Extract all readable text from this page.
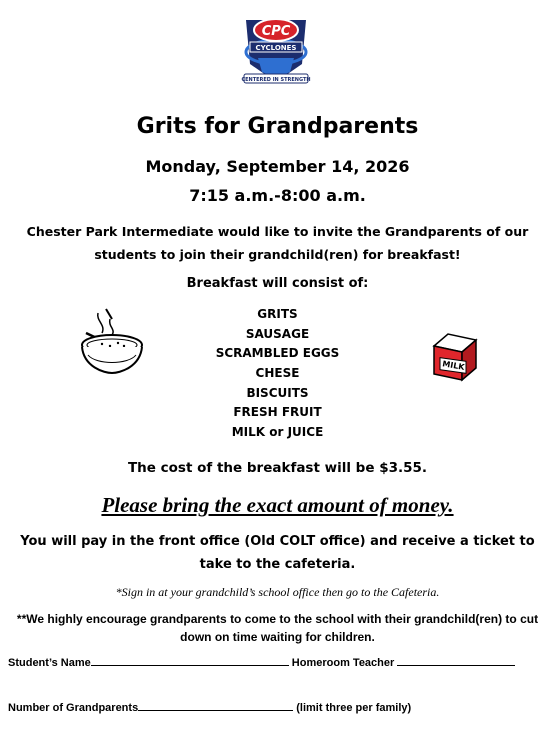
CPC
CYCLONES
CENTERED IN STRENGTH
Grits for Grandparents
Monday, September 14, 2026
7:15 a.m.-8:00 a.m.
Chester Park Intermediate would like to invite the Grandparents of our students to join their grandchild(ren) for breakfast!
Breakfast will consist of:
GRITS
SAUSAGE
SCRAMBLED EGGS
CHESE
BISCUITS
FRESH FRUIT
MILK or JUICE
MILK
The cost of the breakfast will be $3.55.
Please bring the exact amount of money.
You will pay in the front office (Old COLT office) and receive a ticket to take to the cafeteria.
*Sign in at your grandchild’s school office then go to the Cafeteria.
**We highly encourage grandparents to come to the school with their grandchild(ren) to cut down on time waiting for children.
Student’s Name	Homeroom Teacher
Number of Grandparents	(limit three per family)
